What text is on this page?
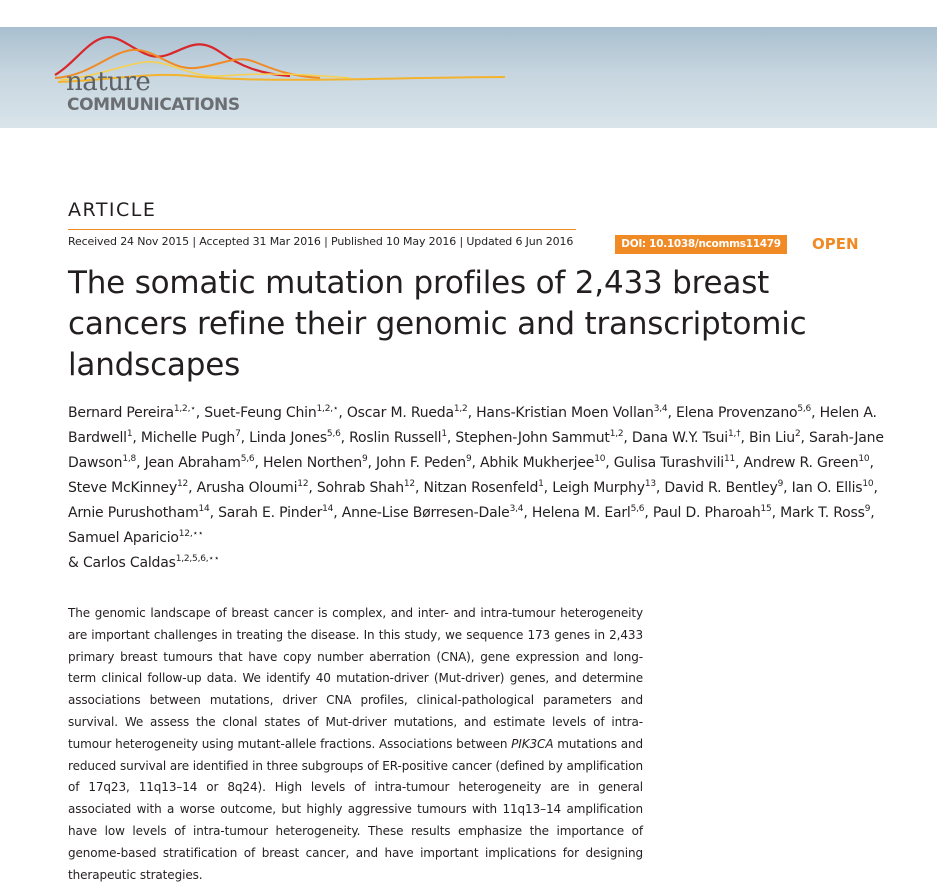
nature
COMMUNICATIONS
ARTICLE
Received 24 Nov 2015 | Accepted 31 Mar 2016 | Published 10 May 2016 | Updated 6 Jun 2016	DOI: 10.1038/ncomms11479	OPEN
The somatic mutation profiles of 2,433 breast cancers refine their genomic and transcriptomic landscapes
Bernard Pereira$^{1,2,⋆}$, Suet-Feung Chin$^{1,2,⋆}$, Oscar M. Rueda$^{1,2}$, Hans-Kristian Moen Vollan$^{3,4}$, Elena Provenzano$^{5,6}$, Helen A. Bardwell$^1$, Michelle Pugh$^7$, Linda Jones$^{5,6}$, Roslin Russell$^1$, Stephen-John Sammut$^{1,2}$, Dana W.Y. Tsui$^{1,\dagger}$, Bin Liu$^2$, Sarah-Jane Dawson$^{1,8}$, Jean Abraham$^{5,6}$, Helen Northen$^9$, John F. Peden$^9$, Abhik Mukherjee$^{10}$, Gulisa Turashvili$^{11}$, Andrew R. Green$^{10}$, Steve McKinney$^{12}$, Arusha Oloumi$^{12}$, Sohrab Shah$^{12}$, Nitzan Rosenfeld$^1$, Leigh Murphy$^{13}$, David R. Bentley$^9$, Ian O. Ellis$^{10}$, Arnie Purushotham$^{14}$, Sarah E. Pinder$^{14}$, Anne-Lise Børresen-Dale$^{3,4}$, Helena M. Earl$^{5,6}$, Paul D. Pharoah$^{15}$, Mark T. Ross$^9$, Samuel Aparicio$^{12,⋆⋆}$
& Carlos Caldas$^{1,2,5,6,⋆⋆}$
The genomic landscape of breast cancer is complex, and inter- and intra-tumour heterogeneity are important challenges in treating the disease. In this study, we sequence 173 genes in 2,433 primary breast tumours that have copy number aberration (CNA), gene expression and long-term clinical follow-up data. We identify 40 mutation-driver (Mut-driver) genes, and determine associations between mutations, driver CNA profiles, clinical-pathological parameters and survival. We assess the clonal states of Mut-driver mutations, and estimate levels of intra-tumour heterogeneity using mutant-allele fractions. Associations between PIK3CA mutations and reduced survival are identified in three subgroups of ER-positive cancer (defined by amplification of 17q23, 11q13–14 or 8q24). High levels of intra-tumour heterogeneity are in general associated with a worse outcome, but highly aggressive tumours with 11q13–14 amplification have low levels of intra-tumour heterogeneity. These results emphasize the importance of genome-based stratification of breast cancer, and have important implications for designing therapeutic strategies.
